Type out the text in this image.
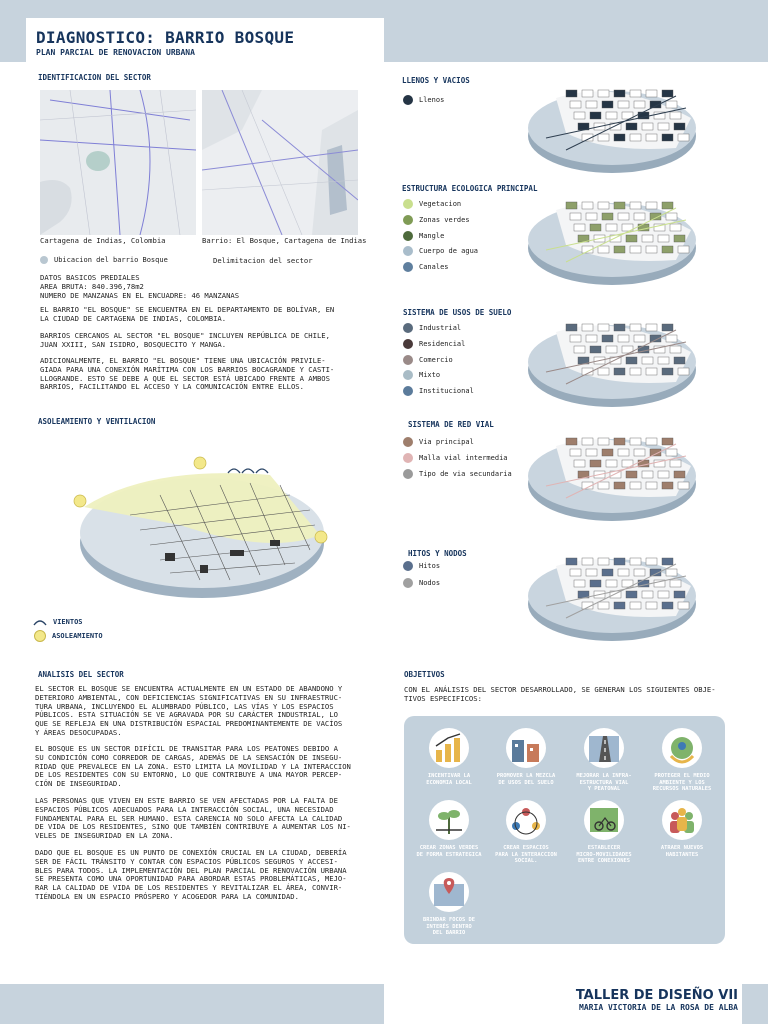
DIAGNOSTICO: BARRIO BOSQUE
PLAN PARCIAL DE RENOVACION URBANA
IDENTIFICACION DEL SECTOR
Cartagena de Indias, Colombia	Barrio: El Bosque, Cartagena de Indias
Ubicacion del barrio Bosque	Delimitacion del sector
DATOS BASICOS PREDIALES
AREA BRUTA: 840.396,78m2
NUMERO DE MANZANAS EN EL ENCUADRE: 46 MANZANAS
EL BARRIO "EL BOSQUE" SE ENCUENTRA EN EL DEPARTAMENTO DE BOLÍVAR, EN
LA CIUDAD DE CARTAGENA DE INDIAS, COLOMBIA.
BARRIOS CERCANOS AL SECTOR "EL BOSQUE" INCLUYEN REPÚBLICA DE CHILE,
JUAN XXIII, SAN ISIDRO, BOSQUECITO Y MANGA.
ADICIONALMENTE, EL BARRIO "EL BOSQUE" TIENE UNA UBICACIÓN PRIVILE-
GIADA PARA UNA CONEXIÓN MARÍTIMA CON LOS BARRIOS BOCAGRANDE Y CASTI-
LLOGRANDE. ESTO SE DEBE A QUE EL SECTOR ESTÁ UBICADO FRENTE A AMBOS
BARRIOS, FACILITANDO EL ACCESO Y LA COMUNICACIÓN ENTRE ELLOS.
ASOLEAMIENTO Y VENTILACION
VIENTOS
ASOLEAMIENTO
ANALISIS DEL SECTOR
EL SECTOR EL BOSQUE SE ENCUENTRA ACTUALMENTE EN UN ESTADO DE ABANDONO Y
DETERIORO AMBIENTAL, CON DEFICIENCIAS SIGNIFICATIVAS EN SU INFRAESTRUC-
TURA URBANA, INCLUYENDO EL ALUMBRADO PÚBLICO, LAS VÍAS Y LOS ESPACIOS
PÚBLICOS. ESTA SITUACIÓN SE VE AGRAVADA POR SU CARÁCTER INDUSTRIAL, LO
QUE SE REFLEJA EN UNA DISTRIBUCIÓN ESPACIAL PREDOMINANTEMENTE DE VACÍOS
Y ÁREAS DESOCUPADAS.
EL BOSQUE ES UN SECTOR DIFÍCIL DE TRANSITAR PARA LOS PEATONES DEBIDO A
SU CONDICIÓN COMO CORREDOR DE CARGAS, ADEMÁS DE LA SENSACIÓN DE INSEGU-
RIDAD QUE PREVALECE EN LA ZONA. ESTO LIMITA LA MOVILIDAD Y LA INTERACCION
DE LOS RESIDENTES CON SU ENTORNO, LO QUE CONTRIBUYE A UNA MAYOR PERCEP-
CIÓN DE INSEGURIDAD.
LAS PERSONAS QUE VIVEN EN ESTE BARRIO SE VEN AFECTADAS POR LA FALTA DE
ESPACIOS PÚBLICOS ADECUADOS PARA LA INTERACCIÓN SOCIAL, UNA NECESIDAD
FUNDAMENTAL PARA EL SER HUMANO. ESTA CARENCIA NO SOLO AFECTA LA CALIDAD
DE VIDA DE LOS RESIDENTES, SINO QUE TAMBIÉN CONTRIBUYE A AUMENTAR LOS NI-
VELES DE INSEGURIDAD EN LA ZONA.
DADO QUE EL BOSQUE ES UN PUNTO DE CONEXIÓN CRUCIAL EN LA CIUDAD, DEBERÍA
SER DE FÁCIL TRÁNSITO Y CONTAR CON ESPACIOS PÚBLICOS SEGUROS Y ACCESI-
BLES PARA TODOS. LA IMPLEMENTACIÓN DEL PLAN PARCIAL DE RENOVACIÓN URBANA
SE PRESENTA COMO UNA OPORTUNIDAD PARA ABORDAR ESTAS PROBLEMÁTICAS, MEJO-
RAR LA CALIDAD DE VIDA DE LOS RESIDENTES Y REVITALIZAR EL ÁREA, CONVIR-
TIÉNDOLA EN UN ESPACIO PRÓSPERO Y ACOGEDOR PARA LA COMUNIDAD.
LLENOS Y VACIOS
Llenos
ESTRUCTURA ECOLOGICA PRINCIPAL
Vegetacion
Zonas verdes
Mangle
Cuerpo de agua
Canales
SISTEMA DE USOS DE SUELO
Industrial
Residencial
Comercio
Mixto
Institucional
SISTEMA DE RED VIAL
Via principal
Malla vial intermedia
Tipo de via secundaria
HITOS Y NODOS
Hitos
Nodos
OBJETIVOS
CON EL ANÁLISIS DEL SECTOR DESARROLLADO, SE GENERAN LOS SIGUIENTES OBJE-
TIVOS ESPECIFICOS:
INCENTIVAR LA
ECONOMIA LOCAL
PROMOVER LA MEZCLA
DE USOS DEL SUELO
MEJORAR LA INFRA-
ESTRUCTURA VIAL
Y PEATONAL
PROTEGER EL MEDIO
AMBIENTE Y LOS
RECURSOS NATURALES
CREAR ZONAS VERDES
DE FORMA ESTRATEGICA
CREAR ESPACIOS
PARA LA INTERACCION
SOCIAL.
ESTABLECER
MICRO-MOVILIDADES
ENTRE CONEXIONES
ATRAER NUEVOS
HABITANTES
BRINDAR FOCOS DE
INTERÉS DENTRO
DEL BARRIO
TALLER DE DISEÑO VII
MARIA VICTORIA DE LA ROSA DE ALBA
